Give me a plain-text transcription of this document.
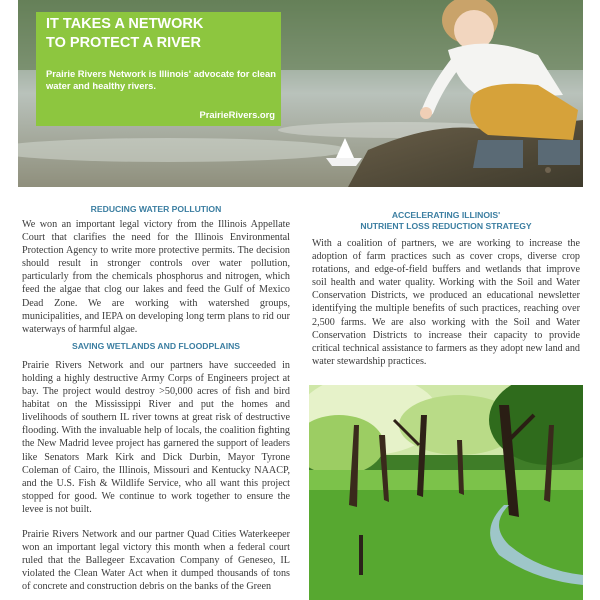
IT TAKES A NETWORK
TO PROTECT A RIVER
Prairie Rivers Network is Illinois' advocate for clean water and healthy rivers.
PrairieRivers.org
REDUCING WATER POLLUTION

We won an important legal victory from the Illinois Appellate Court that clarifies the need for the Illinois Environmental Protection Agency to write more protective permits. The decision should result in stronger controls over water pollution, particularly from the chemicals phosphorus and nitrogen, which feed the algae that clog our lakes and feed the Gulf of Mexico Dead Zone. We are working with watershed groups, municipalities, and IEPA on developing long term plans to rid our waterways of harmful algae.

SAVING WETLANDS AND FLOODPLAINS

Prairie Rivers Network and our partners have succeeded in holding a highly destructive Army Corps of Engineers project at bay. The project would destroy >50,000 acres of fish and bird habitat on the Mississippi River and put the homes and livelihoods of southern IL river towns at great risk of destructive flooding. With the invaluable help of locals, the coalition fighting the New Madrid levee project has garnered the support of leaders like Senators Mark Kirk and Dick Durbin, Mayor Tyrone Coleman of Cairo, the Illinois, Missouri and Kentucky NAACP, and the U.S. Fish & Wildlife Service, who all want this project stopped for good. We continue to work together to ensure the levee is not built.

Prairie Rivers Network and our partner Quad Cities Waterkeeper won an important legal victory this month when a federal court ruled that the Ballegeer Excavation Company of Geneseo, IL violated the Clean Water Act when it dumped thousands of tons of concrete and construction debris on the banks of the Green

ACCELERATING ILLINOIS'
NUTRIENT LOSS REDUCTION STRATEGY

With a coalition of partners, we are working to increase the adoption of farm practices such as cover crops, diverse crop rotations, and edge-of-field buffers and wetlands that improve soil health and water quality. Working with the Soil and Water Conservation Districts, we produced an educational newsletter identifying the multiple benefits of such practices, reaching over 2,500 farms. We are also working with the Soil and Water Conservation Districts to increase their capacity to provide critical technical assistance to farmers as they adopt new land and water stewardship practices.
